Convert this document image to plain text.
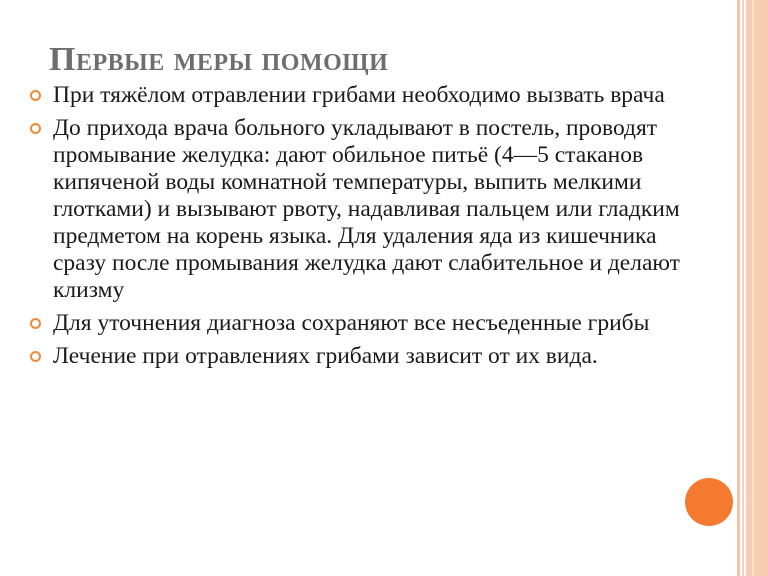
Первые меры помощи
При тяжёлом отравлении грибами необходимо вызвать врача
До прихода врача больного укладывают в постель, проводят промывание желудка: дают обильное питьё (4—5 стаканов кипяченой воды комнатной температуры, выпить мелкими глотками) и вызывают рвоту, надавливая пальцем или гладким предметом на корень языка. Для удаления яда из кишечника сразу после промывания желудка дают слабительное и делают клизму
Для уточнения диагноза сохраняют все несъеденные грибы
Лечение при отравлениях грибами зависит от их вида.
